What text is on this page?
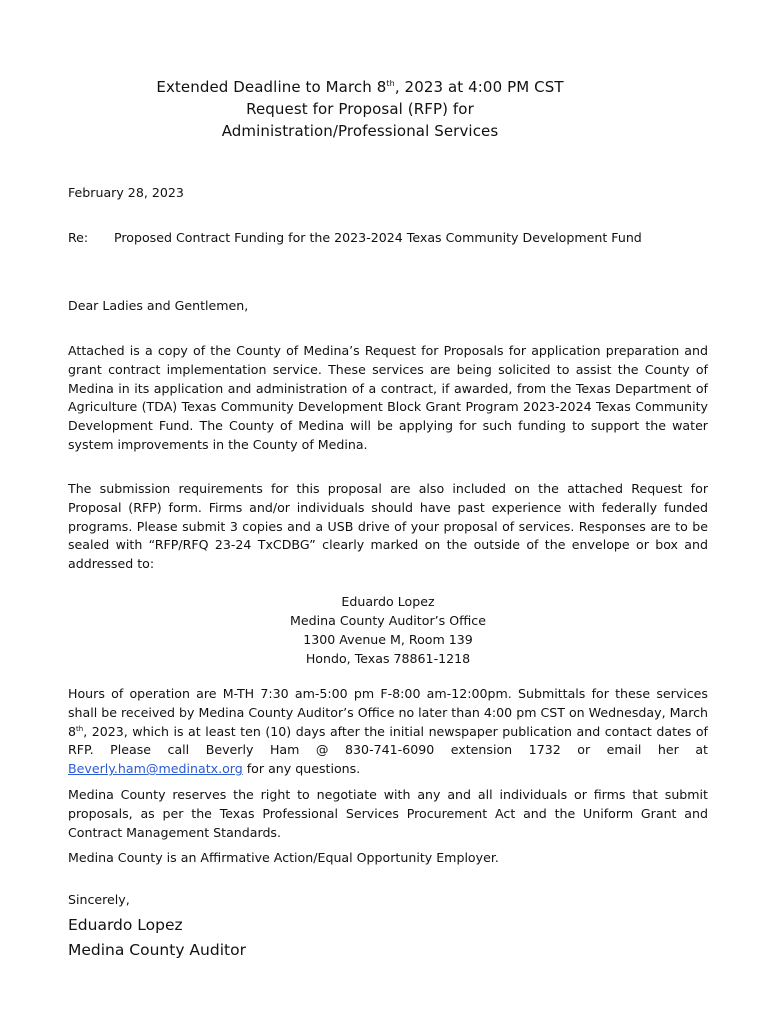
Extended Deadline to March 8th, 2023 at 4:00 PM CST
Request for Proposal (RFP) for
Administration/Professional Services
February 28, 2023
Re: Proposed Contract Funding for the 2023-2024 Texas Community Development Fund
Dear Ladies and Gentlemen,

Attached is a copy of the County of Medina’s Request for Proposals for application preparation and grant contract implementation service. These services are being solicited to assist the County of Medina in its application and administration of a contract, if awarded, from the Texas Department of Agriculture (TDA) Texas Community Development Block Grant Program 2023-2024 Texas Community Development Fund. The County of Medina will be applying for such funding to support the water system improvements in the County of Medina.

The submission requirements for this proposal are also included on the attached Request for Proposal (RFP) form. Firms and/or individuals should have past experience with federally funded programs. Please submit 3 copies and a USB drive of your proposal of services. Responses are to be sealed with “RFP/RFQ 23-24 TxCDBG” clearly marked on the outside of the envelope or box and addressed to:

Eduardo Lopez
Medina County Auditor’s Office
1300 Avenue M, Room 139
Hondo, Texas 78861-1218

Hours of operation are M-TH 7:30 am-5:00 pm F-8:00 am-12:00pm. Submittals for these services shall be received by Medina County Auditor’s Office no later than 4:00 pm CST on Wednesday, March 8th, 2023, which is at least ten (10) days after the initial newspaper publication and contact dates of RFP. Please call Beverly Ham @ 830-741-6090 extension 1732 or email her at Beverly.ham@medinatx.org for any questions.

Medina County reserves the right to negotiate with any and all individuals or firms that submit proposals, as per the Texas Professional Services Procurement Act and the Uniform Grant and Contract Management Standards.

Medina County is an Affirmative Action/Equal Opportunity Employer.

Sincerely,
Eduardo Lopez
Medina County Auditor
